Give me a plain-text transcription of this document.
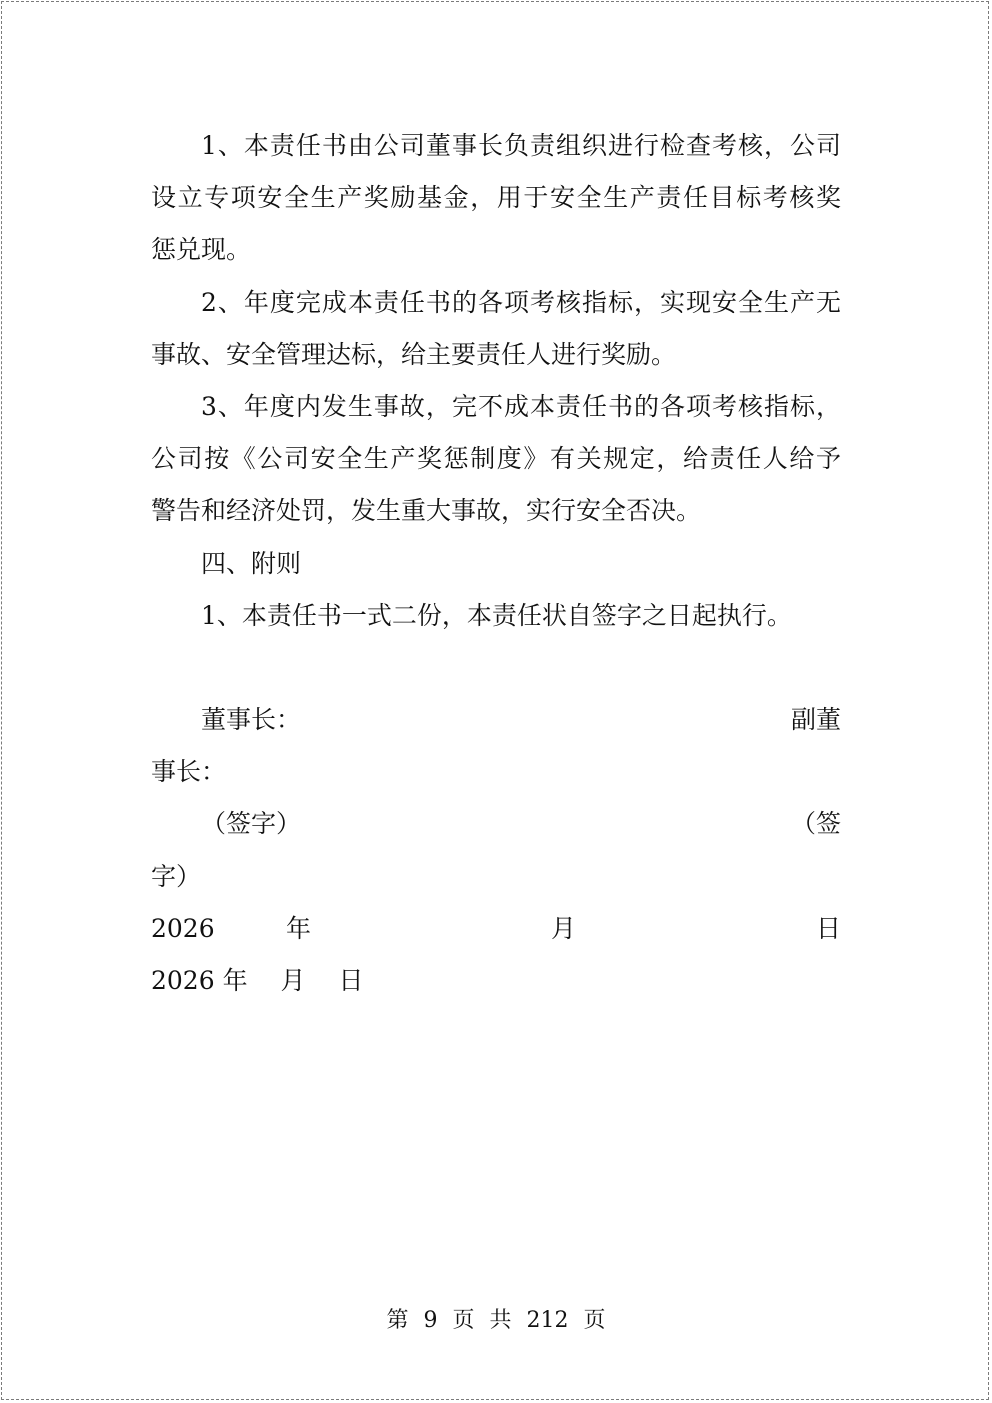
1、本责任书由公司董事长负责组织进行检查考核，公司
设立专项安全生产奖励基金，用于安全生产责任目标考核奖
惩兑现。
2、年度完成本责任书的各项考核指标，实现安全生产无
事故、安全管理达标，给主要责任人进行奖励。
3、年度内发生事故，完不成本责任书的各项考核指标，
公司按《公司安全生产奖惩制度》有关规定，给责任人给予
警告和经济处罚，发生重大事故，实行安全否决。
四、附则
1、本责任书一式二份，本责任状自签字之日起执行。
董事长：	副董
事长：
（签字）	（签
字）
2026	年	月	日
2026 年　 月　 日
第 9 页 共 212 页
